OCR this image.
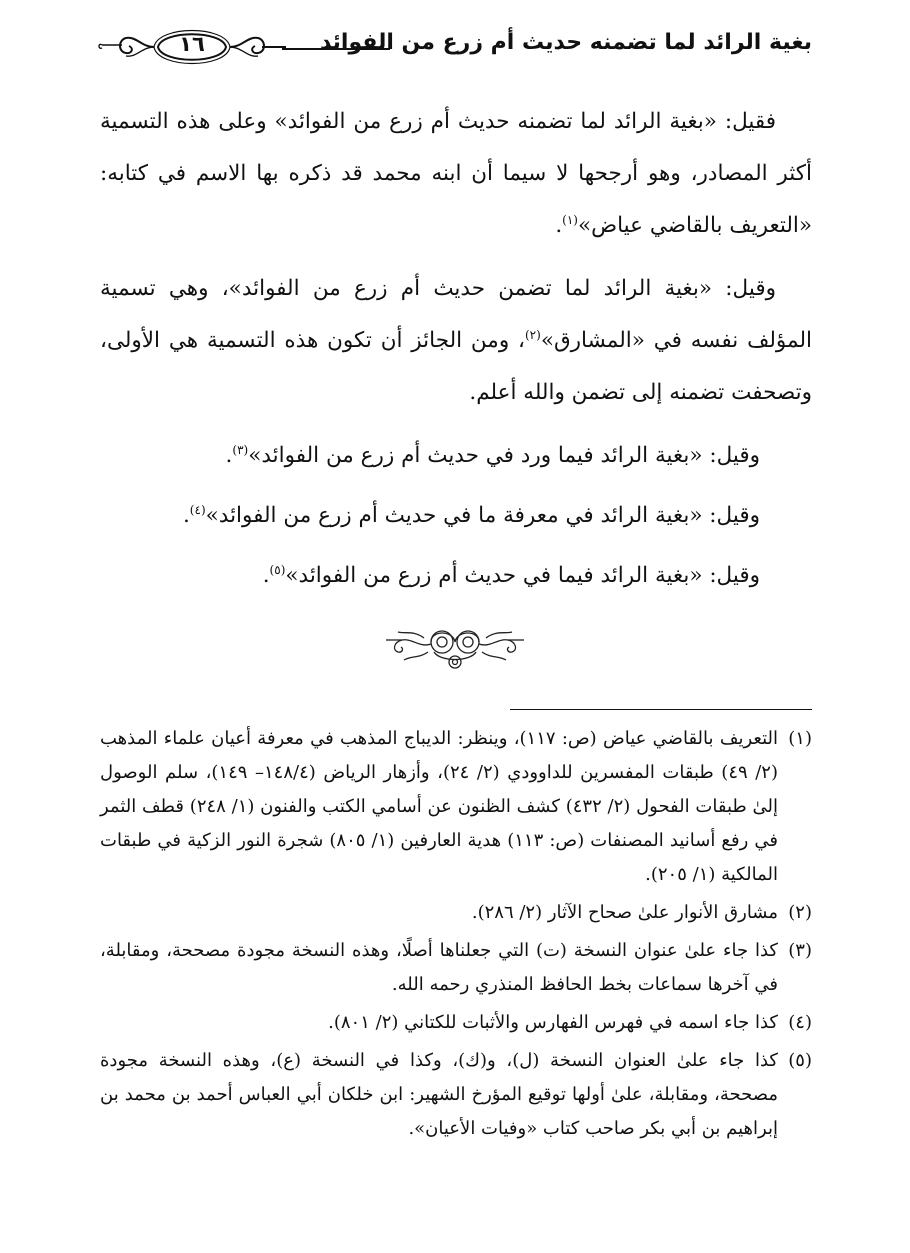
بغية الرائد لما تضمنه حديث أم زرع من الفوائد
١٦

فقيل: «بغية الرائد لما تضمنه حديث أم زرع من الفوائد» وعلى هذه التسمية أكثر المصادر، وهو أرجحها لا سيما أن ابنه محمد قد ذكره بها الاسم في كتابه: «التعريف بالقاضي عياض»$^{(١)}$.

وقيل: «بغية الرائد لما تضمن حديث أم زرع من الفوائد»، وهي تسمية المؤلف نفسه في «المشارق»$^{(٢)}$، ومن الجائز أن تكون هذه التسمية هي الأولى، وتصحفت تضمنه إلى تضمن والله أعلم.

وقيل: «بغية الرائد فيما ورد في حديث أم زرع من الفوائد»$^{(٣)}$.

وقيل: «بغية الرائد في معرفة ما في حديث أم زرع من الفوائد»$^{(٤)}$.

وقيل: «بغية الرائد فيما في حديث أم زرع من الفوائد»$^{(٥)}$.

(١)التعريف بالقاضي عياض (ص: ١١٧)، وينظر: الديباج المذهب في معرفة أعيان علماء المذهب (٢/ ٤٩) طبقات المفسرين للداوودي (٢/ ٢٤)، وأزهار الرياض (١٤٨/٤– ١٤٩)، سلم الوصول إلىٰ طبقات الفحول (٢/ ٤٣٢) كشف الظنون عن أسامي الكتب والفنون (١/ ٢٤٨) قطف الثمر في رفع أسانيد المصنفات (ص: ١١٣) هدية العارفين (١/ ٨٠٥) شجرة النور الزكية في طبقات المالكية (١/ ٢٠٥).

(٢)مشارق الأنوار علىٰ صحاح الآثار (٢/ ٢٨٦).

(٣)كذا جاء علىٰ عنوان النسخة (ت) التي جعلناها أصلًا، وهذه النسخة مجودة مصححة، ومقابلة، في آخرها سماعات بخط الحافظ المنذري رحمه الله.

(٤)كذا جاء اسمه في فهرس الفهارس والأثبات للكتاني (٢/ ٨٠١).

(٥)كذا جاء علىٰ العنوان النسخة (ل)، و(ك)، وكذا في النسخة (ع)، وهذه النسخة مجودة مصححة، ومقابلة، علىٰ أولها توقيع المؤرخ الشهير: ابن خلكان أبي العباس أحمد بن محمد بن إبراهيم بن أبي بكر صاحب كتاب «وفيات الأعيان».
